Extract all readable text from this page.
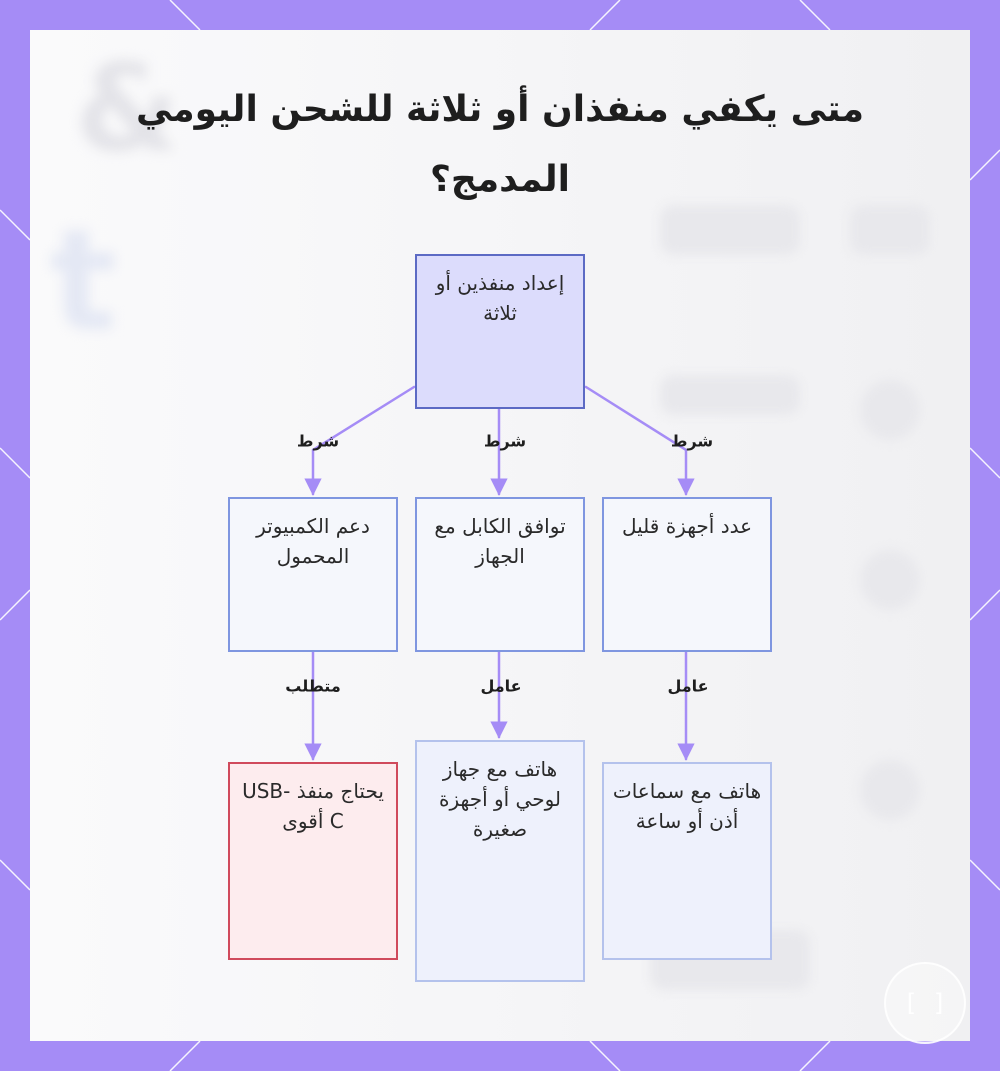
&
t
متى يكفي منفذان أو ثلاثة للشحن اليومي المدمج؟
شرط
شرط
شرط
عامل
عامل
متطلب
إعداد منفذين أو ثلاثة
عدد أجهزة قليل
توافق الكابل مع الجهاز
دعم الكمبيوتر المحمول
هاتف مع سماعات أذن أو ساعة
هاتف مع جهاز لوحي أو أجهزة صغيرة
يحتاج منفذ USB-C أقوى
[ ]
